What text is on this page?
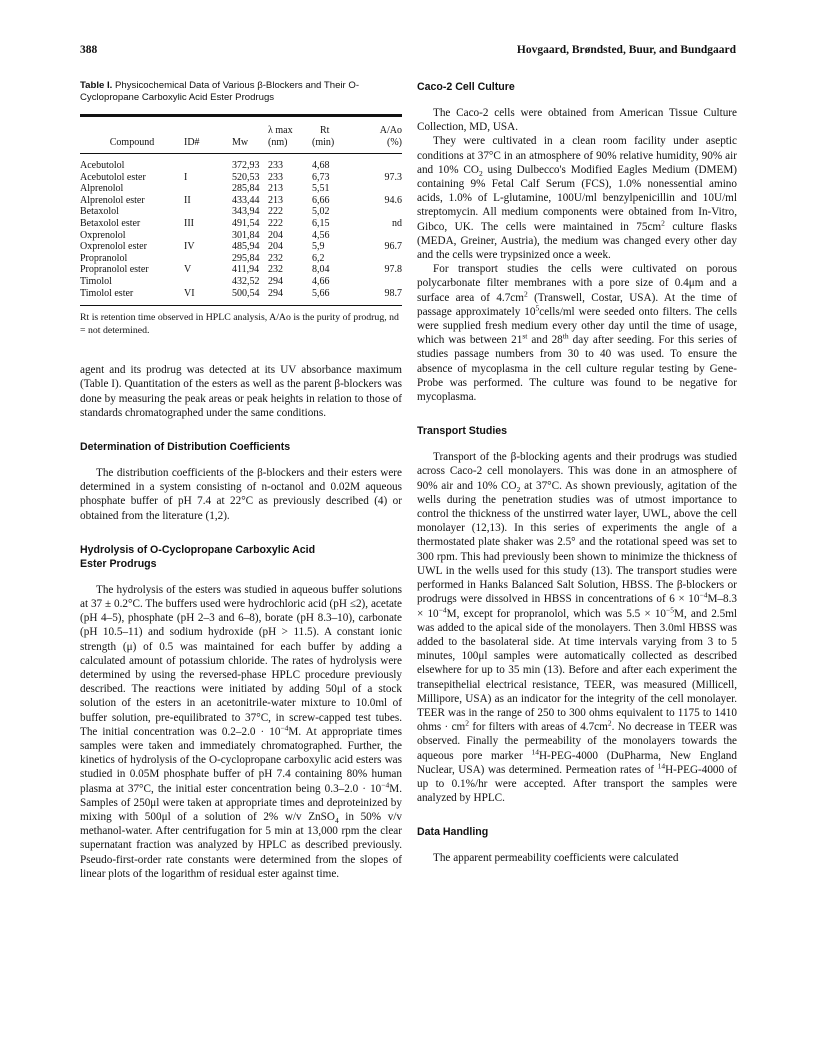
388	Hovgaard, Brøndsted, Buur, and Bundgaard
Table I. Physicochemical Data of Various β-Blockers and Their O-Cyclopropane Carboxylic Acid Ester Prodrugs
			λ max	Rt	A/Ao
Compound	ID#	Mw	(nm)	(min)	(%)
Acebutolol		372,93	233	4,68	
Acebutolol ester	I	520,53	233	6,73	97.3
Alprenolol		285,84	213	5,51	
Alprenolol ester	II	433,44	213	6,66	94.6
Betaxolol		343,94	222	5,02	
Betaxolol ester	III	491,54	222	6,15	nd
Oxprenolol		301,84	204	4,56	
Oxprenolol ester	IV	485,94	204	5,9	96.7
Propranolol		295,84	232	6,2	
Propranolol ester	V	411,94	232	8,04	97.8
Timolol		432,52	294	4,66	
Timolol ester	VI	500,54	294	5,66	98.7

Rt is retention time observed in HPLC analysis, A/Ao is the purity of prodrug, nd = not determined.

agent and its prodrug was detected at its UV absorbance maximum (Table I). Quantitation of the esters as well as the parent β-blockers was done by measuring the peak areas or peak heights in relation to those of standards chromatographed under the same conditions.

Determination of Distribution Coefficients

The distribution coefficients of the β-blockers and their esters were determined in a system consisting of n-octanol and 0.02M aqueous phosphate buffer of pH 7.4 at 22°C as previously described (4) or obtained from the literature (1,2).

Hydrolysis of O-Cyclopropane Carboxylic Acid
Ester Prodrugs

The hydrolysis of the esters was studied in aqueous buffer solutions at 37 ± 0.2°C. The buffers used were hydrochloric acid (pH ≤2), acetate (pH 4–5), phosphate (pH 2–3 and 6–8), borate (pH 8.3–10), carbonate (pH 10.5–11) and sodium hydroxide (pH > 11.5). A constant ionic strength (μ) of 0.5 was maintained for each buffer by adding a calculated amount of potassium chloride. The rates of hydrolysis were determined by using the reversed-phase HPLC procedure previously described. The reactions were initiated by adding 50μl of a stock solution of the esters in an acetonitrile-water mixture to 10.0ml of buffer solution, pre-equilibrated to 37°C, in screw-capped test tubes. The initial concentration was $0.2-2.0 \cdot 10^{-4}M$. At appropriate times samples were taken and immediately chromatographed. Further, the kinetics of hydrolysis of the O-cyclopropane carboxylic acid esters was studied in 0.05M phosphate buffer of pH 7.4 containing 80% human plasma at 37°C, the initial ester concentration being $0.3-2.0 \cdot 10^{-4}M$. Samples of 250μl were taken at appropriate times and deproteinized by mixing with 500μl of a solution of 2% w/v ZnSO$_4$ in 50% v/v methanol-water. After centrifugation for 5 min at 13,000 rpm the clear supernatant fraction was analyzed by HPLC as described previously. Pseudo-first-order rate constants were determined from the slopes of linear plots of the logarithm of residual ester against time.

Caco-2 Cell Culture

The Caco-2 cells were obtained from American Tissue Culture Collection, MD, USA.

They were cultivated in a clean room facility under aseptic conditions at 37°C in an atmosphere of 90% relative humidity, 90% air and 10% $CO_2$ using Dulbecco's Modified Eagles Medium (DMEM) containing 9% Fetal Calf Serum (FCS), 1.0% nonessential amino acids, 1.0% of L-glutamine, 100U/ml benzylpenicillin and 10U/ml streptomycin. All medium components were obtained from In-Vitro, Gibco, UK. The cells were maintained in $75cm^2$ culture flasks (MEDA, Greiner, Austria), the medium was changed every other day and the cells were trypsinized once a week.

For transport studies the cells were cultivated on porous polycarbonate filter membranes with a pore size of 0.4μm and a surface area of $4.7cm^2$ (Transwell, Costar, USA). At the time of passage approximately $10^5cells/ml$ were seeded onto filters. The cells were supplied fresh medium every other day until the time of usage, which was between 21st and 28th day after seeding. For this series of studies passage numbers from 30 to 40 was used. To ensure the absence of mycoplasma in the cell culture regular testing by Gene-Probe was performed. The culture was found to be negative for mycoplasma.

Transport Studies

Transport of the β-blocking agents and their prodrugs was studied across Caco-2 cell monolayers. This was done in an atmosphere of 90% air and 10% $CO_2$ at 37°C. As shown previously, agitation of the wells during the penetration studies was of utmost importance to control the thickness of the unstirred water layer, UWL, above the cell monolayer (12,13). In this series of experiments the angle of a thermostated plate shaker was 2.5° and the rotational speed was set to 300 rpm. This had previously been shown to minimize the thickness of UWL in the wells used for this study (13). The transport studies were performed in Hanks Balanced Salt Solution, HBSS. The β-blockers or prodrugs were dissolved in HBSS in concentrations of $6 \times 10^{-4}M-8.3 \times 10^{-4}M$, except for propranolol, which was $5.5 \times 10^{-5}M$, and 2.5ml was added to the apical side of the monolayers. Then 3.0ml HBSS was added to the basolateral side. At time intervals varying from 3 to 5 minutes, 100μl samples were automatically collected as described elsewhere for up to 35 min (13). Before and after each experiment the transepithelial electrical resistance, TEER, was measured (Millicell, Millipore, USA) as an indicator for the integrity of the cell monolayer. TEER was in the range of 250 to 300 ohms equivalent to 1175 to 1410 ohms · $cm^2$ for filters with areas of $4.7cm^2$. No decrease in TEER was observed. Finally the permeability of the monolayers towards the aqueous pore marker $^{14}$H-PEG-4000 (DuPharma, New England Nuclear, USA) was determined. Permeation rates of $^{14}$H-PEG-4000 of up to 0.1%/hr were accepted. After transport the samples were analyzed by HPLC.

Data Handling

The apparent permeability coefficients were calculated
